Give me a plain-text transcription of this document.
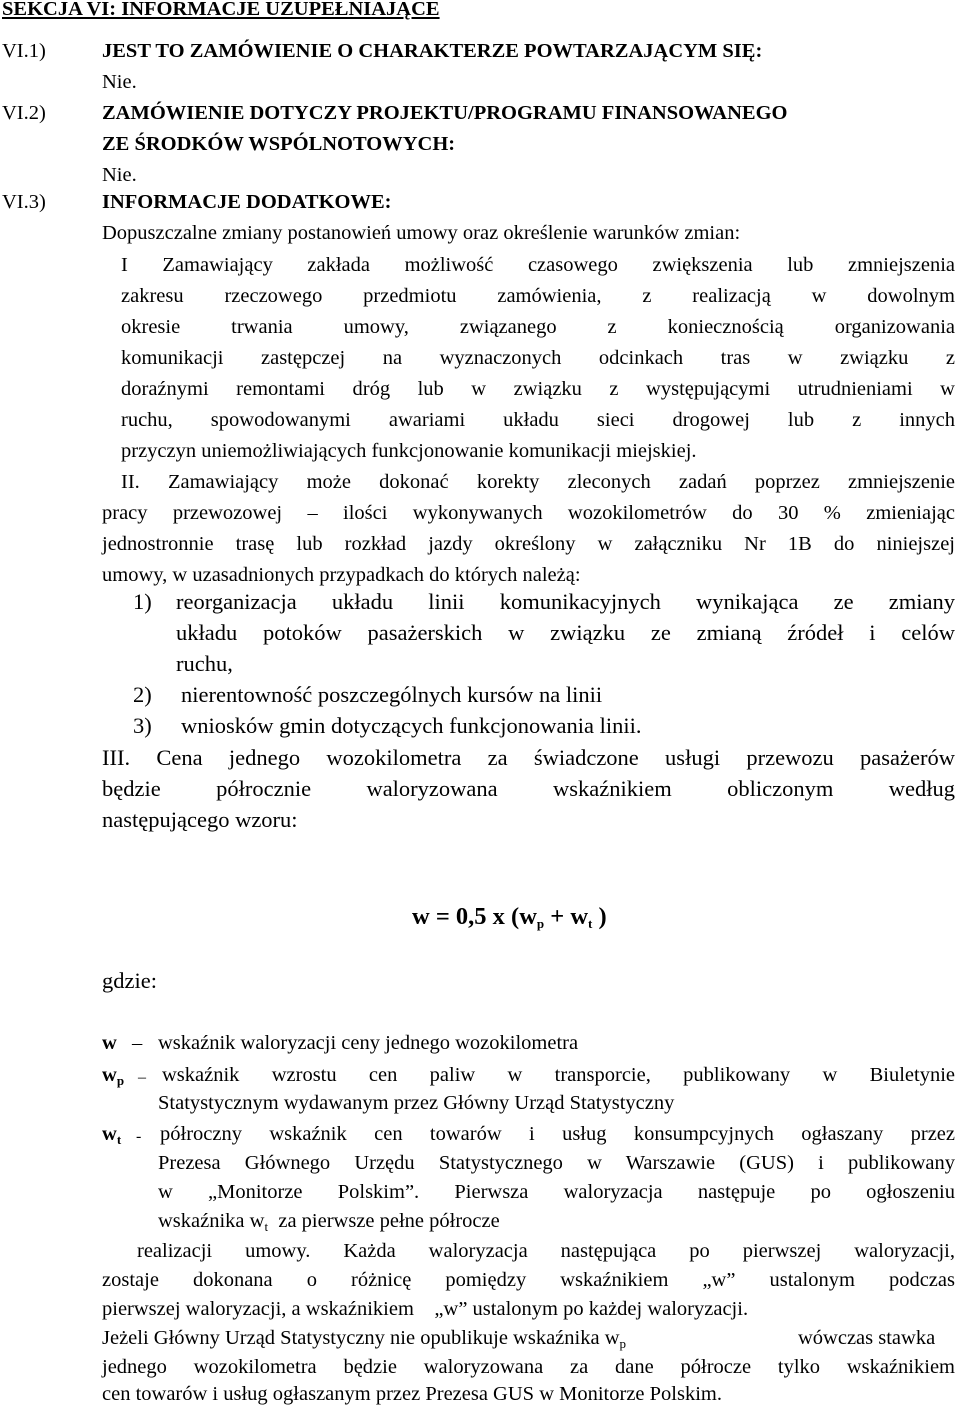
SEKCJA VI: INFORMACJE UZUPEŁNIAJĄCE
VI.1)	JEST TO ZAMÓWIENIE O CHARAKTERZE POWTARZAJĄCYM SIĘ:
Nie.
VI.2)	ZAMÓWIENIE DOTYCZY PROJEKTU/PROGRAMU FINANSOWANEGO
ZE ŚRODKÓW WSPÓLNOTOWYCH:
Nie.
VI.3)	INFORMACJE DODATKOWE:
Dopuszczalne zmiany postanowień umowy oraz określenie warunków zmian:
I Zamawiający zakłada możliwość czasowego zwiększenia lub zmniejszenia
zakresu rzeczowego przedmiotu zamówienia, z realizacją w dowolnym
okresie trwania umowy, związanego z koniecznością organizowania
komunikacji zastępczej na wyznaczonych odcinkach tras w związku z
doraźnymi remontami dróg lub w związku z występującymi utrudnieniami w
ruchu, spowodowanymi awariami układu sieci drogowej lub z innych
przyczyn uniemożliwiających funkcjonowanie komunikacji miejskiej.
II. Zamawiający może dokonać korekty zleconych zadań poprzez zmniejszenie
pracy przewozowej – ilości wykonywanych wozokilometrów do 30 % zmieniając
jednostronnie trasę lub rozkład jazdy określony w załączniku Nr 1B do niniejszej
umowy, w uzasadnionych przypadkach do których należą:
1) reorganizacja układu linii komunikacyjnych wynikająca ze zmiany
układu potoków pasażerskich w związku ze zmianą źródeł i celów
ruchu,
2) nierentowność poszczególnych kursów na linii
3) wniosków gmin dotyczących funkcjonowania linii.
III. Cena jednego wozokilometra za świadczone usługi przewozu pasażerów
będzie półrocznie waloryzowana wskaźnikiem obliczonym według
następującego wzoru:
w = 0,5 x ($w_p + w_t$ )
gdzie:
w – wskaźnik waloryzacji ceny jednego wozokilometra
$w_p$ – wskaźnik wzrostu cen paliw w transporcie, publikowany w Biuletynie
Statystycznym wydawanym przez Główny Urząd Statystyczny
$w_t$ - półroczny wskaźnik cen towarów i usług konsumpcyjnych ogłaszany przez
Prezesa Głównego Urzędu Statystycznego w Warszawie (GUS) i publikowany
w „Monitorze Polskim”. Pierwsza waloryzacja następuje po ogłoszeniu
wskaźnika $w_t$ za pierwsze pełne półrocze
realizacji umowy. Każda waloryzacja następująca po pierwszej waloryzacji,
zostaje dokonana o różnicę pomiędzy wskaźnikiem „w” ustalonym podczas
pierwszej waloryzacji, a wskaźnikiem    „w” ustalonym po każdej waloryzacji.
Jeżeli Główny Urząd Statystyczny nie opublikuje wskaźnika $w_p$	wówczas stawka
jednego wozokilometra będzie waloryzowana za dane półrocze tylko wskaźnikiem
cen towarów i usług ogłaszanym przez Prezesa GUS w Monitorze Polskim.
